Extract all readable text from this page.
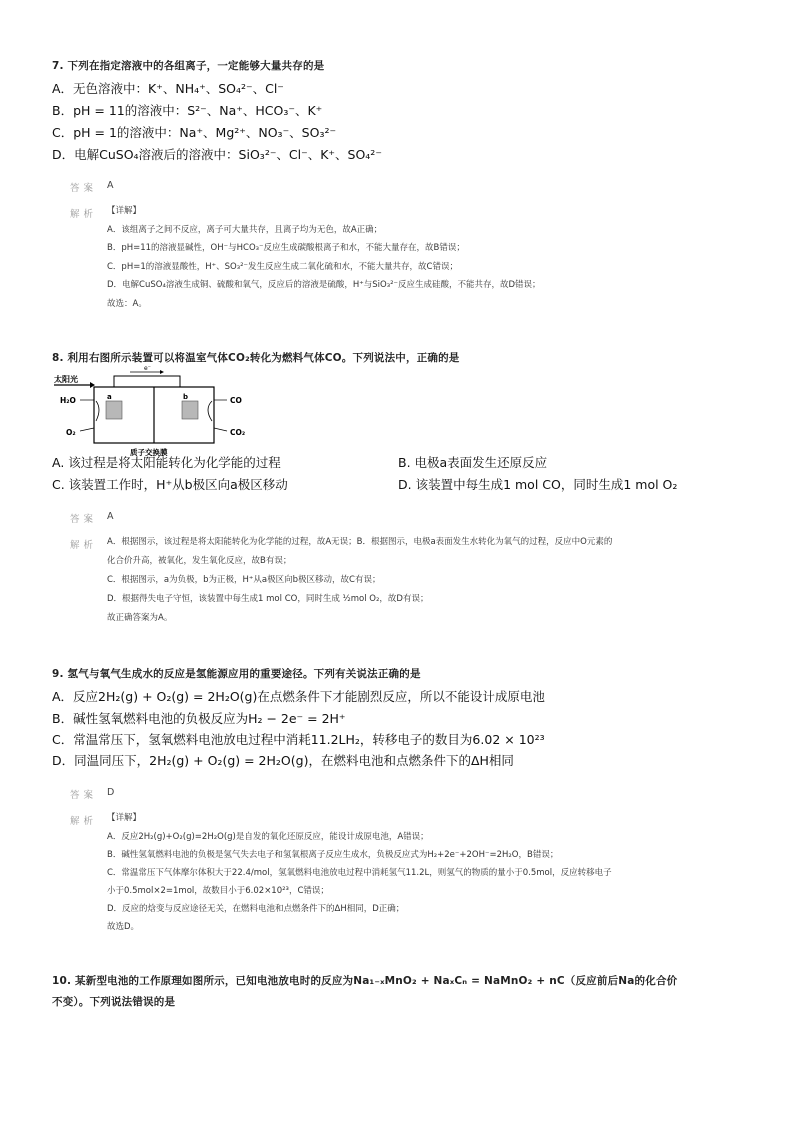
7. 下列在指定溶液中的各组离子，一定能够大量共存的是
A．无色溶液中：K⁺、NH₄⁺、SO₄²⁻、Cl⁻
B．pH = 11的溶液中：S²⁻、Na⁺、HCO₃⁻、K⁺
C．pH = 1的溶液中：Na⁺、Mg²⁺、NO₃⁻、SO₃²⁻
D．电解CuSO₄溶液后的溶液中：SiO₃²⁻、Cl⁻、K⁺、SO₄²⁻
答案 A
解析 【详解】
A．该组离子之间不反应，离子可大量共存，且离子均为无色，故A正确；
B．pH=11的溶液显碱性，OH⁻与HCO₃⁻反应生成碳酸根离子和水，不能大量存在，故B错误；
C．pH=1的溶液显酸性，H⁺、SO₃²⁻发生反应生成二氧化硫和水，不能大量共存，故C错误；
D．电解CuSO₄溶液生成铜、硫酸和氧气，反应后的溶液是硫酸，H⁺与SiO₃²⁻反应生成硅酸，不能共存，故D错误；
故选：A。
8. 利用右图所示装置可以将温室气体CO₂转化为燃料气体CO。下列说法中，正确的是
太阳光
e⁻
a	b
H₂O
O₂
CO
CO₂
质子交换膜
A. 该过程是将太阳能转化为化学能的过程	B. 电极a表面发生还原反应
C. 该装置工作时，H⁺从b极区向a极区移动	D. 该装置中每生成1 mol CO，同时生成1 mol O₂
答案 A
解析 A．根据图示，该过程是将太阳能转化为化学能的过程，故A无误；B．根据图示，电极a表面发生水转化为氧气的过程，反应中O元素的
化合价升高，被氧化，发生氧化反应，故B有误；
C．根据图示，a为负极，b为正极，H⁺从a极区向b极区移动，故C有误；
D．根据得失电子守恒，该装置中每生成1 mol CO，同时生成 ½mol O₂，故D有误；
故正确答案为A。
9. 氢气与氧气生成水的反应是氢能源应用的重要途径。下列有关说法正确的是
A．反应2H₂(g) + O₂(g) = 2H₂O(g)在点燃条件下才能剧烈反应，所以不能设计成原电池
B．碱性氢氧燃料电池的负极反应为H₂ − 2e⁻ = 2H⁺
C．常温常压下，氢氧燃料电池放电过程中消耗11.2LH₂，转移电子的数目为6.02 × 10²³
D．同温同压下，2H₂(g) + O₂(g) = 2H₂O(g)，在燃料电池和点燃条件下的ΔH相同
答案 D
解析 【详解】
A．反应2H₂(g)+O₂(g)=2H₂O(g)是自发的氧化还原反应，能设计成原电池，A错误；
B．碱性氢氧燃料电池的负极是氢气失去电子和氢氧根离子反应生成水，负极反应式为H₂+2e⁻+2OH⁻=2H₂O，B错误；
C．常温常压下气体摩尔体积大于22.4/mol，氢氧燃料电池放电过程中消耗氢气11.2L，则氢气的物质的量小于0.5mol，反应转移电子
小于0.5mol×2=1mol，故数目小于6.02×10²³，C错误；
D．反应的焓变与反应途径无关，在燃料电池和点燃条件下的ΔH相同，D正确；
故选D。
10. 某新型电池的工作原理如图所示，已知电池放电时的反应为Na₁₋ₓMnO₂ + NaₓCₙ = NaMnO₂ + nC（反应前后Na的化合价
不变）。下列说法错误的是
